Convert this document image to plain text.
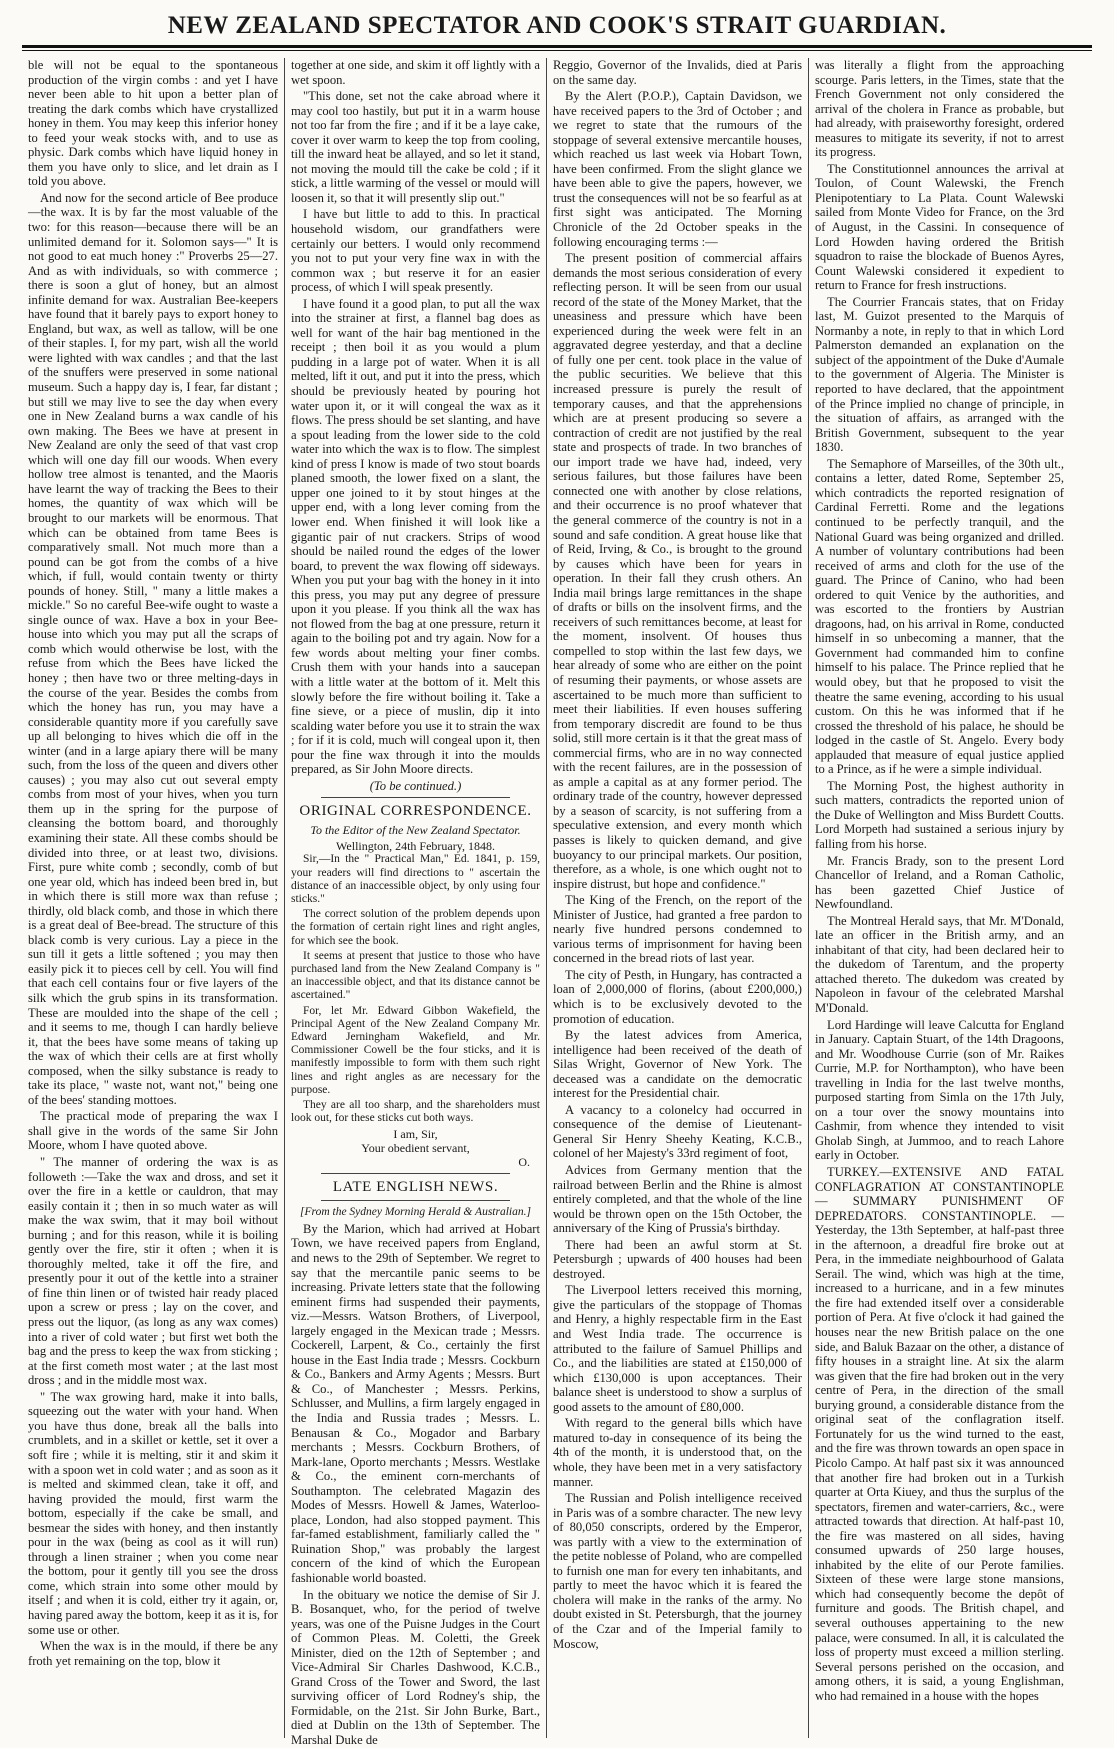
NEW ZEALAND SPECTATOR AND COOK'S STRAIT GUARDIAN.

ble will not be equal to the spontaneous production of the virgin combs : and yet I have never been able to hit upon a better plan of treating the dark combs which have crystallized honey in them. You may keep this inferior honey to feed your weak stocks with, and to use as physic. Dark combs which have liquid honey in them you have only to slice, and let drain as I told you above.

And now for the second article of Bee produce—the wax. It is by far the most valuable of the two: for this reason—because there will be an unlimited demand for it. Solomon says—" It is not good to eat much honey :" Proverbs 25—27. And as with individuals, so with commerce ; there is soon a glut of honey, but an almost infinite demand for wax. Australian Bee-keepers have found that it barely pays to export honey to England, but wax, as well as tallow, will be one of their staples. I, for my part, wish all the world were lighted with wax candles ; and that the last of the snuffers were preserved in some national museum. Such a happy day is, I fear, far distant ; but still we may live to see the day when every one in New Zealand burns a wax candle of his own making. The Bees we have at present in New Zealand are only the seed of that vast crop which will one day fill our woods. When every hollow tree almost is tenanted, and the Maoris have learnt the way of tracking the Bees to their homes, the quantity of wax which will be brought to our markets will be enormous. That which can be obtained from tame Bees is comparatively small. Not much more than a pound can be got from the combs of a hive which, if full, would contain twenty or thirty pounds of honey. Still, " many a little makes a mickle." So no careful Bee-wife ought to waste a single ounce of wax. Have a box in your Bee-house into which you may put all the scraps of comb which would otherwise be lost, with the refuse from which the Bees have licked the honey ; then have two or three melting-days in the course of the year. Besides the combs from which the honey has run, you may have a considerable quantity more if you carefully save up all belonging to hives which die off in the winter (and in a large apiary there will be many such, from the loss of the queen and divers other causes) ; you may also cut out several empty combs from most of your hives, when you turn them up in the spring for the purpose of cleansing the bottom board, and thoroughly examining their state. All these combs should be divided into three, or at least two, divisions. First, pure white comb ; secondly, comb of but one year old, which has indeed been bred in, but in which there is still more wax than refuse ; thirdly, old black comb, and those in which there is a great deal of Bee-bread. The structure of this black comb is very curious. Lay a piece in the sun till it gets a little softened ; you may then easily pick it to pieces cell by cell. You will find that each cell contains four or five layers of the silk which the grub spins in its transformation. These are moulded into the shape of the cell ; and it seems to me, though I can hardly believe it, that the bees have some means of taking up the wax of which their cells are at first wholly composed, when the silky substance is ready to take its place, " waste not, want not," being one of the bees' standing mottoes.

The practical mode of preparing the wax I shall give in the words of the same Sir John Moore, whom I have quoted above.

" The manner of ordering the wax is as followeth :—Take the wax and dross, and set it over the fire in a kettle or cauldron, that may easily contain it ; then in so much water as will make the wax swim, that it may boil without burning ; and for this reason, while it is boiling gently over the fire, stir it often ; when it is thoroughly melted, take it off the fire, and presently pour it out of the kettle into a strainer of fine thin linen or of twisted hair ready placed upon a screw or press ; lay on the cover, and press out the liquor, (as long as any wax comes) into a river of cold water ; but first wet both the bag and the press to keep the wax from sticking ; at the first cometh most water ; at the last most dross ; and in the middle most wax.

" The wax growing hard, make it into balls, squeezing out the water with your hand. When you have thus done, break all the balls into crumblets, and in a skillet or kettle, set it over a soft fire ; while it is melting, stir it and skim it with a spoon wet in cold water ; and as soon as it is melted and skimmed clean, take it off, and having provided the mould, first warm the bottom, especially if the cake be small, and besmear the sides with honey, and then instantly pour in the wax (being as cool as it will run) through a linen strainer ; when you come near the bottom, pour it gently till you see the dross come, which strain into some other mould by itself ; and when it is cold, either try it again, or, having pared away the bottom, keep it as it is, for some use or other.

When the wax is in the mould, if there be any froth yet remaining on the top, blow it

together at one side, and skim it off lightly with a wet spoon.

"This done, set not the cake abroad where it may cool too hastily, but put it in a warm house not too far from the fire ; and if it be a laye cake, cover it over warm to keep the top from cooling, till the inward heat be allayed, and so let it stand, not moving the mould till the cake be cold ; if it stick, a little warming of the vessel or mould will loosen it, so that it will presently slip out."

I have but little to add to this. In practical household wisdom, our grandfathers were certainly our betters. I would only recommend you not to put your very fine wax in with the common wax ; but reserve it for an easier process, of which I will speak presently.

I have found it a good plan, to put all the wax into the strainer at first, a flannel bag does as well for want of the hair bag mentioned in the receipt ; then boil it as you would a plum pudding in a large pot of water. When it is all melted, lift it out, and put it into the press, which should be previously heated by pouring hot water upon it, or it will congeal the wax as it flows. The press should be set slanting, and have a spout leading from the lower side to the cold water into which the wax is to flow. The simplest kind of press I know is made of two stout boards planed smooth, the lower fixed on a slant, the upper one joined to it by stout hinges at the upper end, with a long lever coming from the lower end. When finished it will look like a gigantic pair of nut crackers. Strips of wood should be nailed round the edges of the lower board, to prevent the wax flowing off sideways. When you put your bag with the honey in it into this press, you may put any degree of pressure upon it you please. If you think all the wax has not flowed from the bag at one pressure, return it again to the boiling pot and try again. Now for a few words about melting your finer combs. Crush them with your hands into a saucepan with a little water at the bottom of it. Melt this slowly before the fire without boiling it. Take a fine sieve, or a piece of muslin, dip it into scalding water before you use it to strain the wax ; for if it is cold, much will congeal upon it, then pour the fine wax through it into the moulds prepared, as Sir John Moore directs.

(To be continued.)
ORIGINAL CORRESPONDENCE.
To the Editor of the New Zealand Spectator.
Wellington, 24th February, 1848.

Sir,—In the " Practical Man," Ed. 1841, p. 159, your readers will find directions to " ascertain the distance of an inaccessible object, by only using four sticks."

The correct solution of the problem depends upon the formation of certain right lines and right angles, for which see the book.

It seems at present that justice to those who have purchased land from the New Zealand Company is " an inaccessible object, and that its distance cannot be ascertained."

For, let Mr. Edward Gibbon Wakefield, the Principal Agent of the New Zealand Company Mr. Edward Jerningham Wakefield, and Mr. Commissioner Cowell be the four sticks, and it is manifestly impossible to form with them such right lines and right angles as are necessary for the purpose.

They are all too sharp, and the shareholders must look out, for these sticks cut both ways.

I am, Sir,
Your obedient servant,
O.
LATE ENGLISH NEWS.
[From the Sydney Morning Herald & Australian.]

By the Marion, which had arrived at Hobart Town, we have received papers from England, and news to the 29th of September. We regret to say that the mercantile panic seems to be increasing. Private letters state that the following eminent firms had suspended their payments, viz.—Messrs. Watson Brothers, of Liverpool, largely engaged in the Mexican trade ; Messrs. Cockerell, Larpent, & Co., certainly the first house in the East India trade ; Messrs. Cockburn & Co., Bankers and Army Agents ; Messrs. Burt & Co., of Manchester ; Messrs. Perkins, Schlusser, and Mullins, a firm largely engaged in the India and Russia trades ; Messrs. L. Benausan & Co., Mogador and Barbary merchants ; Messrs. Cockburn Brothers, of Mark-lane, Oporto merchants ; Messrs. Westlake & Co., the eminent corn-merchants of Southampton. The celebrated Magazin des Modes of Messrs. Howell & James, Waterloo-place, London, had also stopped payment. This far-famed establishment, familiarly called the " Ruination Shop," was probably the largest concern of the kind of which the European fashionable world boasted.

In the obituary we notice the demise of Sir J. B. Bosanquet, who, for the period of twelve years, was one of the Puisne Judges in the Court of Common Pleas. M. Coletti, the Greek Minister, died on the 12th of September ; and Vice-Admiral Sir Charles Dashwood, K.C.B., Grand Cross of the Tower and Sword, the last surviving officer of Lord Rodney's ship, the Formidable, on the 21st. Sir John Burke, Bart., died at Dublin on the 13th of September. The Marshal Duke de

Reggio, Governor of the Invalids, died at Paris on the same day.

By the Alert (P.O.P.), Captain Davidson, we have received papers to the 3rd of October ; and we regret to state that the rumours of the stoppage of several extensive mercantile houses, which reached us last week via Hobart Town, have been confirmed. From the slight glance we have been able to give the papers, however, we trust the consequences will not be so fearful as at first sight was anticipated. The Morning Chronicle of the 2d October speaks in the following encouraging terms :—

The present position of commercial affairs demands the most serious consideration of every reflecting person. It will be seen from our usual record of the state of the Money Market, that the uneasiness and pressure which have been experienced during the week were felt in an aggravated degree yesterday, and that a decline of fully one per cent. took place in the value of the public securities. We believe that this increased pressure is purely the result of temporary causes, and that the apprehensions which are at present producing so severe a contraction of credit are not justified by the real state and prospects of trade. In two branches of our import trade we have had, indeed, very serious failures, but those failures have been connected one with another by close relations, and their occurrence is no proof whatever that the general commerce of the country is not in a sound and safe condition. A great house like that of Reid, Irving, & Co., is brought to the ground by causes which have been for years in operation. In their fall they crush others. An India mail brings large remittances in the shape of drafts or bills on the insolvent firms, and the receivers of such remittances become, at least for the moment, insolvent. Of houses thus compelled to stop within the last few days, we hear already of some who are either on the point of resuming their payments, or whose assets are ascertained to be much more than sufficient to meet their liabilities. If even houses suffering from temporary discredit are found to be thus solid, still more certain is it that the great mass of commercial firms, who are in no way connected with the recent failures, are in the possession of as ample a capital as at any former period. The ordinary trade of the country, however depressed by a season of scarcity, is not suffering from a speculative extension, and every month which passes is likely to quicken demand, and give buoyancy to our principal markets. Our position, therefore, as a whole, is one which ought not to inspire distrust, but hope and confidence."

The King of the French, on the report of the Minister of Justice, had granted a free pardon to nearly five hundred persons condemned to various terms of imprisonment for having been concerned in the bread riots of last year.

The city of Pesth, in Hungary, has contracted a loan of 2,000,000 of florins, (about £200,000,) which is to be exclusively devoted to the promotion of education.

By the latest advices from America, intelligence had been received of the death of Silas Wright, Governor of New York. The deceased was a candidate on the democratic interest for the Presidential chair.

A vacancy to a colonelcy had occurred in consequence of the demise of Lieutenant-General Sir Henry Sheehy Keating, K.C.B., colonel of her Majesty's 33rd regiment of foot,

Advices from Germany mention that the railroad between Berlin and the Rhine is almost entirely completed, and that the whole of the line would be thrown open on the 15th October, the anniversary of the King of Prussia's birthday.

There had been an awful storm at St. Petersburgh ; upwards of 400 houses had been destroyed.

The Liverpool letters received this morning, give the particulars of the stoppage of Thomas and Henry, a highly respectable firm in the East and West India trade. The occurrence is attributed to the failure of Samuel Phillips and Co., and the liabilities are stated at £150,000 of which £130,000 is upon acceptances. Their balance sheet is understood to show a surplus of good assets to the amount of £80,000.

With regard to the general bills which have matured to-day in consequence of its being the 4th of the month, it is understood that, on the whole, they have been met in a very satisfactory manner.

The Russian and Polish intelligence received in Paris was of a sombre character. The new levy of 80,050 conscripts, ordered by the Emperor, was partly with a view to the extermination of the petite noblesse of Poland, who are compelled to furnish one man for every ten inhabitants, and partly to meet the havoc which it is feared the cholera will make in the ranks of the army. No doubt existed in St. Petersburgh, that the journey of the Czar and of the Imperial family to Moscow,

was literally a flight from the approaching scourge. Paris letters, in the Times, state that the French Government not only considered the arrival of the cholera in France as probable, but had already, with praiseworthy foresight, ordered measures to mitigate its severity, if not to arrest its progress.

The Constitutionnel announces the arrival at Toulon, of Count Walewski, the French Plenipotentiary to La Plata. Count Walewski sailed from Monte Video for France, on the 3rd of August, in the Cassini. In consequence of Lord Howden having ordered the British squadron to raise the blockade of Buenos Ayres, Count Walewski considered it expedient to return to France for fresh instructions.

The Courrier Francais states, that on Friday last, M. Guizot presented to the Marquis of Normanby a note, in reply to that in which Lord Palmerston demanded an explanation on the subject of the appointment of the Duke d'Aumale to the government of Algeria. The Minister is reported to have declared, that the appointment of the Prince implied no change of principle, in the situation of affairs, as arranged with the British Government, subsequent to the year 1830.

The Semaphore of Marseilles, of the 30th ult., contains a letter, dated Rome, September 25, which contradicts the reported resignation of Cardinal Ferretti. Rome and the legations continued to be perfectly tranquil, and the National Guard was being organized and drilled. A number of voluntary contributions had been received of arms and cloth for the use of the guard. The Prince of Canino, who had been ordered to quit Venice by the authorities, and was escorted to the frontiers by Austrian dragoons, had, on his arrival in Rome, conducted himself in so unbecoming a manner, that the Government had commanded him to confine himself to his palace. The Prince replied that he would obey, but that he proposed to visit the theatre the same evening, according to his usual custom. On this he was informed that if he crossed the threshold of his palace, he should be lodged in the castle of St. Angelo. Every body applauded that measure of equal justice applied to a Prince, as if he were a simple individual.

The Morning Post, the highest authority in such matters, contradicts the reported union of the Duke of Wellington and Miss Burdett Coutts. Lord Morpeth had sustained a serious injury by falling from his horse.

Mr. Francis Brady, son to the present Lord Chancellor of Ireland, and a Roman Catholic, has been gazetted Chief Justice of Newfoundland.

The Montreal Herald says, that Mr. M'Donald, late an officer in the British army, and an inhabitant of that city, had been declared heir to the dukedom of Tarentum, and the property attached thereto. The dukedom was created by Napoleon in favour of the celebrated Marshal M'Donald.

Lord Hardinge will leave Calcutta for England in January. Captain Stuart, of the 14th Dragoons, and Mr. Woodhouse Currie (son of Mr. Raikes Currie, M.P. for Northampton), who have been travelling in India for the last twelve months, purposed starting from Simla on the 17th July, on a tour over the snowy mountains into Cashmir, from whence they intended to visit Gholab Singh, at Jummoo, and to reach Lahore early in October.

TURKEY.—EXTENSIVE AND FATAL CONFLAGRATION AT CONSTANTINOPLE — SUMMARY PUNISHMENT OF DEPREDATORS. CONSTANTINOPLE. — Yesterday, the 13th September, at half-past three in the afternoon, a dreadful fire broke out at Pera, in the immediate neighbourhood of Galata Serail. The wind, which was high at the time, increased to a hurricane, and in a few minutes the fire had extended itself over a considerable portion of Pera. At five o'clock it had gained the houses near the new British palace on the one side, and Baluk Bazaar on the other, a distance of fifty houses in a straight line. At six the alarm was given that the fire had broken out in the very centre of Pera, in the direction of the small burying ground, a considerable distance from the original seat of the conflagration itself. Fortunately for us the wind turned to the east, and the fire was thrown towards an open space in Picolo Campo. At half past six it was announced that another fire had broken out in a Turkish quarter at Orta Kiuey, and thus the surplus of the spectators, firemen and water-carriers, &c., were attracted towards that direction. At half-past 10, the fire was mastered on all sides, having consumed upwards of 250 large houses, inhabited by the elite of our Perote families. Sixteen of these were large stone mansions, which had consequently become the depôt of furniture and goods. The British chapel, and several outhouses appertaining to the new palace, were consumed. In all, it is calculated the loss of property must exceed a million sterling. Several persons perished on the occasion, and among others, it is said, a young Englishman, who had remained in a house with the hopes
